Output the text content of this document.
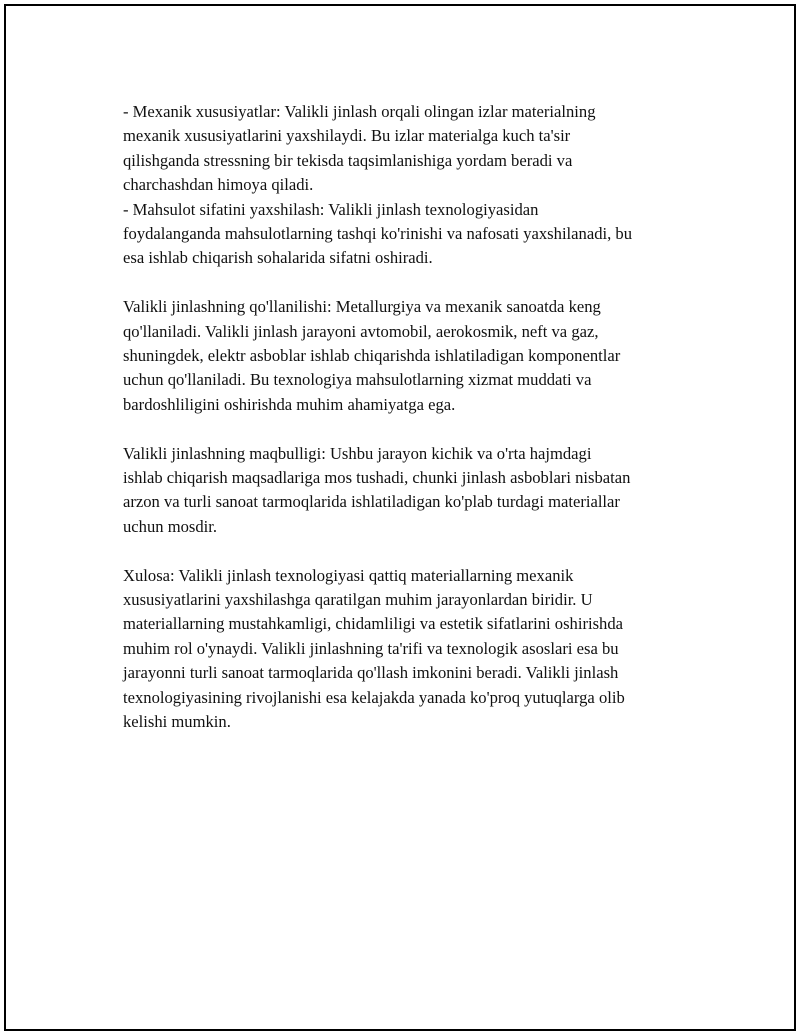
- Mexanik xususiyatlar: Valikli jinlash orqali olingan izlar materialning
mexanik xususiyatlarini yaxshilaydi. Bu izlar materialga kuch ta'sir
qilishganda stressning bir tekisda taqsimlanishiga yordam beradi va
charchashdan himoya qiladi.
- Mahsulot sifatini yaxshilash: Valikli jinlash texnologiyasidan
foydalanganda mahsulotlarning tashqi ko'rinishi va nafosati yaxshilanadi, bu
esa ishlab chiqarish sohalarida sifatni oshiradi.

Valikli jinlashning qo'llanilishi: Metallurgiya va mexanik sanoatda keng
qo'llaniladi. Valikli jinlash jarayoni avtomobil, aerokosmik, neft va gaz,
shuningdek, elektr asboblar ishlab chiqarishda ishlatiladigan komponentlar
uchun qo'llaniladi. Bu texnologiya mahsulotlarning xizmat muddati va
bardoshliligini oshirishda muhim ahamiyatga ega.

Valikli jinlashning maqbulligi: Ushbu jarayon kichik va o'rta hajmdagi
ishlab chiqarish maqsadlariga mos tushadi, chunki jinlash asboblari nisbatan
arzon va turli sanoat tarmoqlarida ishlatiladigan ko'plab turdagi materiallar
uchun mosdir.

Xulosa: Valikli jinlash texnologiyasi qattiq materiallarning mexanik
xususiyatlarini yaxshilashga qaratilgan muhim jarayonlardan biridir. U
materiallarning mustahkamligi, chidamliligi va estetik sifatlarini oshirishda
muhim rol o'ynaydi. Valikli jinlashning ta'rifi va texnologik asoslari esa bu
jarayonni turli sanoat tarmoqlarida qo'llash imkonini beradi. Valikli jinlash
texnologiyasining rivojlanishi esa kelajakda yanada ko'proq yutuqlarga olib
kelishi mumkin.
